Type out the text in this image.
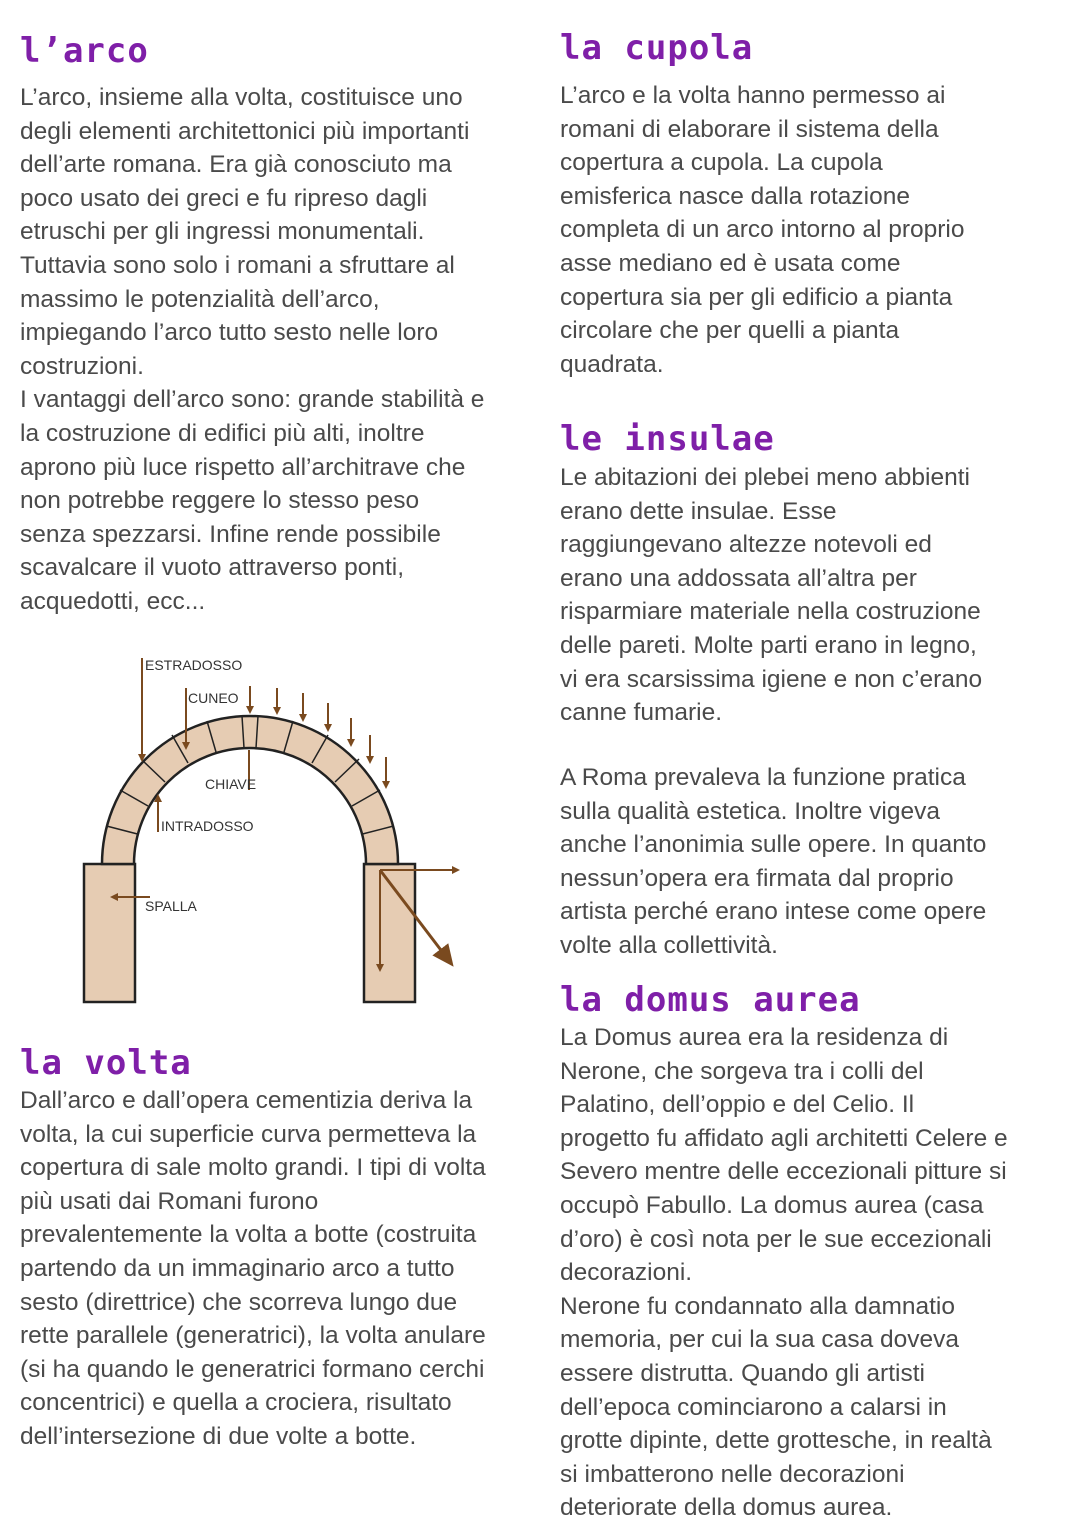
l’arco
L’arco, insieme alla volta, costituisce uno
degli elementi architettonici più importanti
dell’arte romana. Era già conosciuto ma
poco usato dei greci e fu ripreso dagli
etruschi per gli ingressi monumentali.
Tuttavia sono solo i romani a sfruttare al
massimo le potenzialità dell’arco,
impiegando l’arco tutto sesto nelle loro
costruzioni.
I vantaggi dell’arco sono: grande stabilità e
la costruzione di edifici più alti, inoltre
aprono più luce rispetto all’architrave che
non potrebbe reggere lo stesso peso
senza spezzarsi. Infine rende possibile
scavalcare il vuoto attraverso ponti,
acquedotti, ecc...
ESTRADOSSO
CUNEO
CHIAVE
INTRADOSSO
SPALLA
la volta
Dall’arco e dall’opera cementizia deriva la
volta, la cui superficie curva permetteva la
copertura di sale molto grandi. I tipi di volta
più usati dai Romani furono
prevalentemente la volta a botte (costruita
partendo da un immaginario arco a tutto
sesto (direttrice) che scorreva lungo due
rette parallele (generatrici), la volta anulare
(si ha quando le generatrici formano cerchi
concentrici) e quella a crociera, risultato
dell’intersezione di due volte a botte.
la cupola
L’arco e la volta hanno permesso ai
romani di elaborare il sistema della
copertura a cupola. La cupola
emisferica nasce dalla rotazione
completa di un arco intorno al proprio
asse mediano ed è usata come
copertura sia per gli edificio a pianta
circolare che per quelli a pianta
quadrata.
le insulae
Le abitazioni dei plebei meno abbienti
erano dette insulae. Esse
raggiungevano altezze notevoli ed
erano una addossata all’altra per
risparmiare materiale nella costruzione
delle pareti. Molte parti erano in legno,
vi era scarsissima igiene e non c’erano
canne fumarie.
A Roma prevaleva la funzione pratica
sulla qualità estetica. Inoltre vigeva
anche l’anonimia sulle opere. In quanto
nessun’opera era firmata dal proprio
artista perché erano intese come opere
volte alla collettività.
la domus aurea
La Domus aurea era la residenza di
Nerone, che sorgeva tra i colli del
Palatino, dell’oppio e del Celio. Il
progetto fu affidato agli architetti Celere e
Severo mentre delle eccezionali pitture si
occupò Fabullo. La domus aurea (casa
d’oro) è così nota per le sue eccezionali
decorazioni.
Nerone fu condannato alla damnatio
memoria, per cui la sua casa doveva
essere distrutta. Quando gli artisti
dell’epoca cominciarono a calarsi in
grotte dipinte, dette grottesche, in realtà
si imbatterono nelle decorazioni
deteriorate della domus aurea.
